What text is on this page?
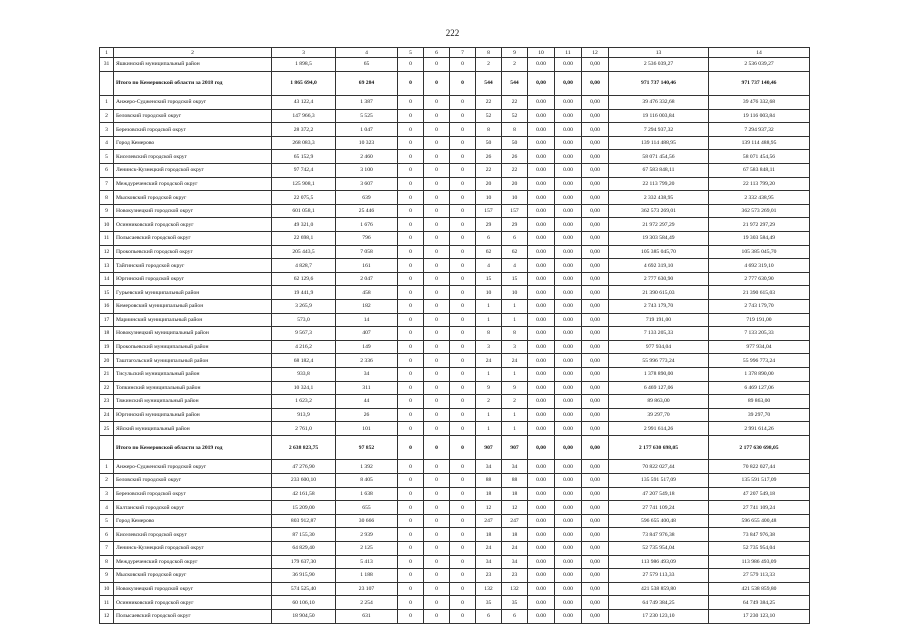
222
1	2	3	4	5	6	7	8	9	10	11	12	13	14
31	Яшкинский муниципальный район	1 898,5	65	0	0	0	2	2	0.00	0.00	0,00	2 536 039,27	2 536 039,27
	Итого по Кемеровской области за 2018 год	1 865 694,0	69 284	0	0	0	544	544	0,00	0,00	0,00	971 737 140,46	971 737 140,46
1	Анжеро-Судженский городской округ	43 122,4	1 387	0	0	0	22	22	0.00	0.00	0,00	39 476 332,68	39 476 332,68
2	Беловский городской округ	147 966,3	5 525	0	0	0	52	52	0.00	0.00	0,00	19 116 003,84	19 116 003,84
3	Березовский городской округ	28 372,2	1 047	0	0	0	8	8	0.00	0.00	0,00	7 294 937,32	7 294 937,32
4	Город Кемерово	268 083,3	10 323	0	0	0	50	50	0.00	0.00	0,00	139 114 488,95	139 114 488,95
5	Киселевский городской округ	65 152,9	2 460	0	0	0	26	26	0.00	0.00	0,00	58 071 454,56	58 071 454,56
6	Ленинск-Кузнецкий городской округ	97 742,4	3 100	0	0	0	22	22	0.00	0.00	0,00	67 583 848,11	67 583 848,11
7	Междуреченский городской округ	125 908,1	3 607	0	0	0	20	20	0.00	0.00	0,00	22 113 799,20	22 113 799,20
8	Мысковский городской округ	22 075,5	639	0	0	0	10	10	0.00	0.00	0,00	2 332 438,95	2 332 438,95
9	Новокузнецкий городской округ	601 058,1	25 446	0	0	0	157	157	0.00	0.00	0,00	362 573 269,01	362 573 269,01
10	Осинниковский городской округ	49 321,0	1 676	0	0	0	29	29	0.00	0.00	0,00	21 972 297,29	21 972 297,29
11	Полысаевский городской округ	22 698,1	796	0	0	0	6	6	0.00	0.00	0,00	19 303 584,49	19 303 584,49
12	Прокопьевский городской округ	205 443,5	7 058	0	0	0	62	62	0.00	0.00	0,00	105 385 045,70	105 385 045,70
13	Тайгинский городской округ	4 828,7	161	0	0	0	4	4	0.00	0.00	0,00	4 692 319,10	4 692 319,10
14	Юргинский городской округ	62 129,6	2 047	0	0	0	15	15	0.00	0.00	0,00	2 777 630,90	2 777 630,90
15	Гурьевский муниципальный район	19 441,9	458	0	0	0	10	10	0.00	0.00	0,00	21 390 615,03	21 390 615,03
16	Кемеровский муниципальный район	3 265,9	182	0	0	0	1	1	0.00	0.00	0,00	2 743 179,70	2 743 179,70
17	Мариинский муниципальный район	573,0	14	0	0	0	1	1	0.00	0.00	0,00	719 191,00	719 191,00
18	Новокузнецкий муниципальный район	9 567,3	407	0	0	0	8	8	0.00	0.00	0,00	7 133 205,33	7 133 205,33
19	Прокопьевский муниципальный район	4 216,2	149	0	0	0	3	3	0.00	0.00	0,00	977 934,04	977 934,04
20	Таштагольский муниципальный район	68 182,4	2 336	0	0	0	24	24	0.00	0.00	0,00	55 996 773,24	55 996 773,24
21	Тисульский муниципальный район	933,8	34	0	0	0	1	1	0.00	0.00	0,00	1 378 890,00	1 378 890,00
22	Топкинский муниципальный район	10 324,1	311	0	0	0	9	9	0.00	0.00	0,00	6 469 127,06	6 469 127,06
23	Тяжинский муниципальный район	1 623,2	44	0	0	0	2	2	0.00	0.00	0,00	89 863,00	89 863,00
24	Юргинский муниципальный район	913,9	26	0	0	0	1	1	0.00	0.00	0,00	39 297,70	39 297,70
25	Яйский муниципальный район	2 761,0	101	0	0	0	1	1	0.00	0.00	0,00	2 991 614,26	2 991 614,26
	Итого по Кемеровской области за 2019 год	2 638 823,75	97 852	0	0	0	907	907	0,00	0,00	0,00	2 177 630 698,05	2 177 630 698,05
1	Анжеро-Судженский городской округ	47 276,90	1 392	0	0	0	34	34	0.00	0.00	0,00	70 822 027,44	70 822 027,44
2	Беловский городской округ	233 600,10	8 405	0	0	0	88	88	0.00	0.00	0,00	135 591 517,09	135 591 517,09
3	Березовский городской округ	42 161,58	1 638	0	0	0	18	18	0.00	0.00	0,00	47 207 549,18	47 207 549,18
4	Калтанский городской округ	15 209,00	655	0	0	0	12	12	0.00	0.00	0,00	27 741 109,24	27 741 109,24
5	Город Кемерово	803 912,87	30 666	0	0	0	247	247	0.00	0.00	0,00	596 655 400,48	596 655 400,48
6	Киселевский городской округ	87 155,30	2 939	0	0	0	18	18	0.00	0.00	0,00	73 847 976,38	73 847 976,38
7	Ленинск-Кузнецкий городской округ	64 829,40	2 125	0	0	0	24	24	0.00	0.00	0,00	52 735 954,04	52 735 954,04
8	Междуреченский городской округ	179 637,30	5 413	0	0	0	34	34	0.00	0.00	0,00	113 986 493,09	113 986 493,09
9	Мысковский городской округ	36 915,90	1 188	0	0	0	23	23	0.00	0.00	0,00	27 579 113,33	27 579 113,33
10	Новокузнецкий городской округ	574 525,40	23 107	0	0	0	132	132	0.00	0.00	0,00	421 538 859,80	421 538 859,80
11	Осинниковский городской округ	60 106,10	2 254	0	0	0	35	35	0.00	0.00	0,00	64 749 384,25	64 749 384,25
12	Полысаевский городской округ	18 904,50	631	0	0	0	6	6	0.00	0.00	0,00	17 230 123,10	17 230 123,10
